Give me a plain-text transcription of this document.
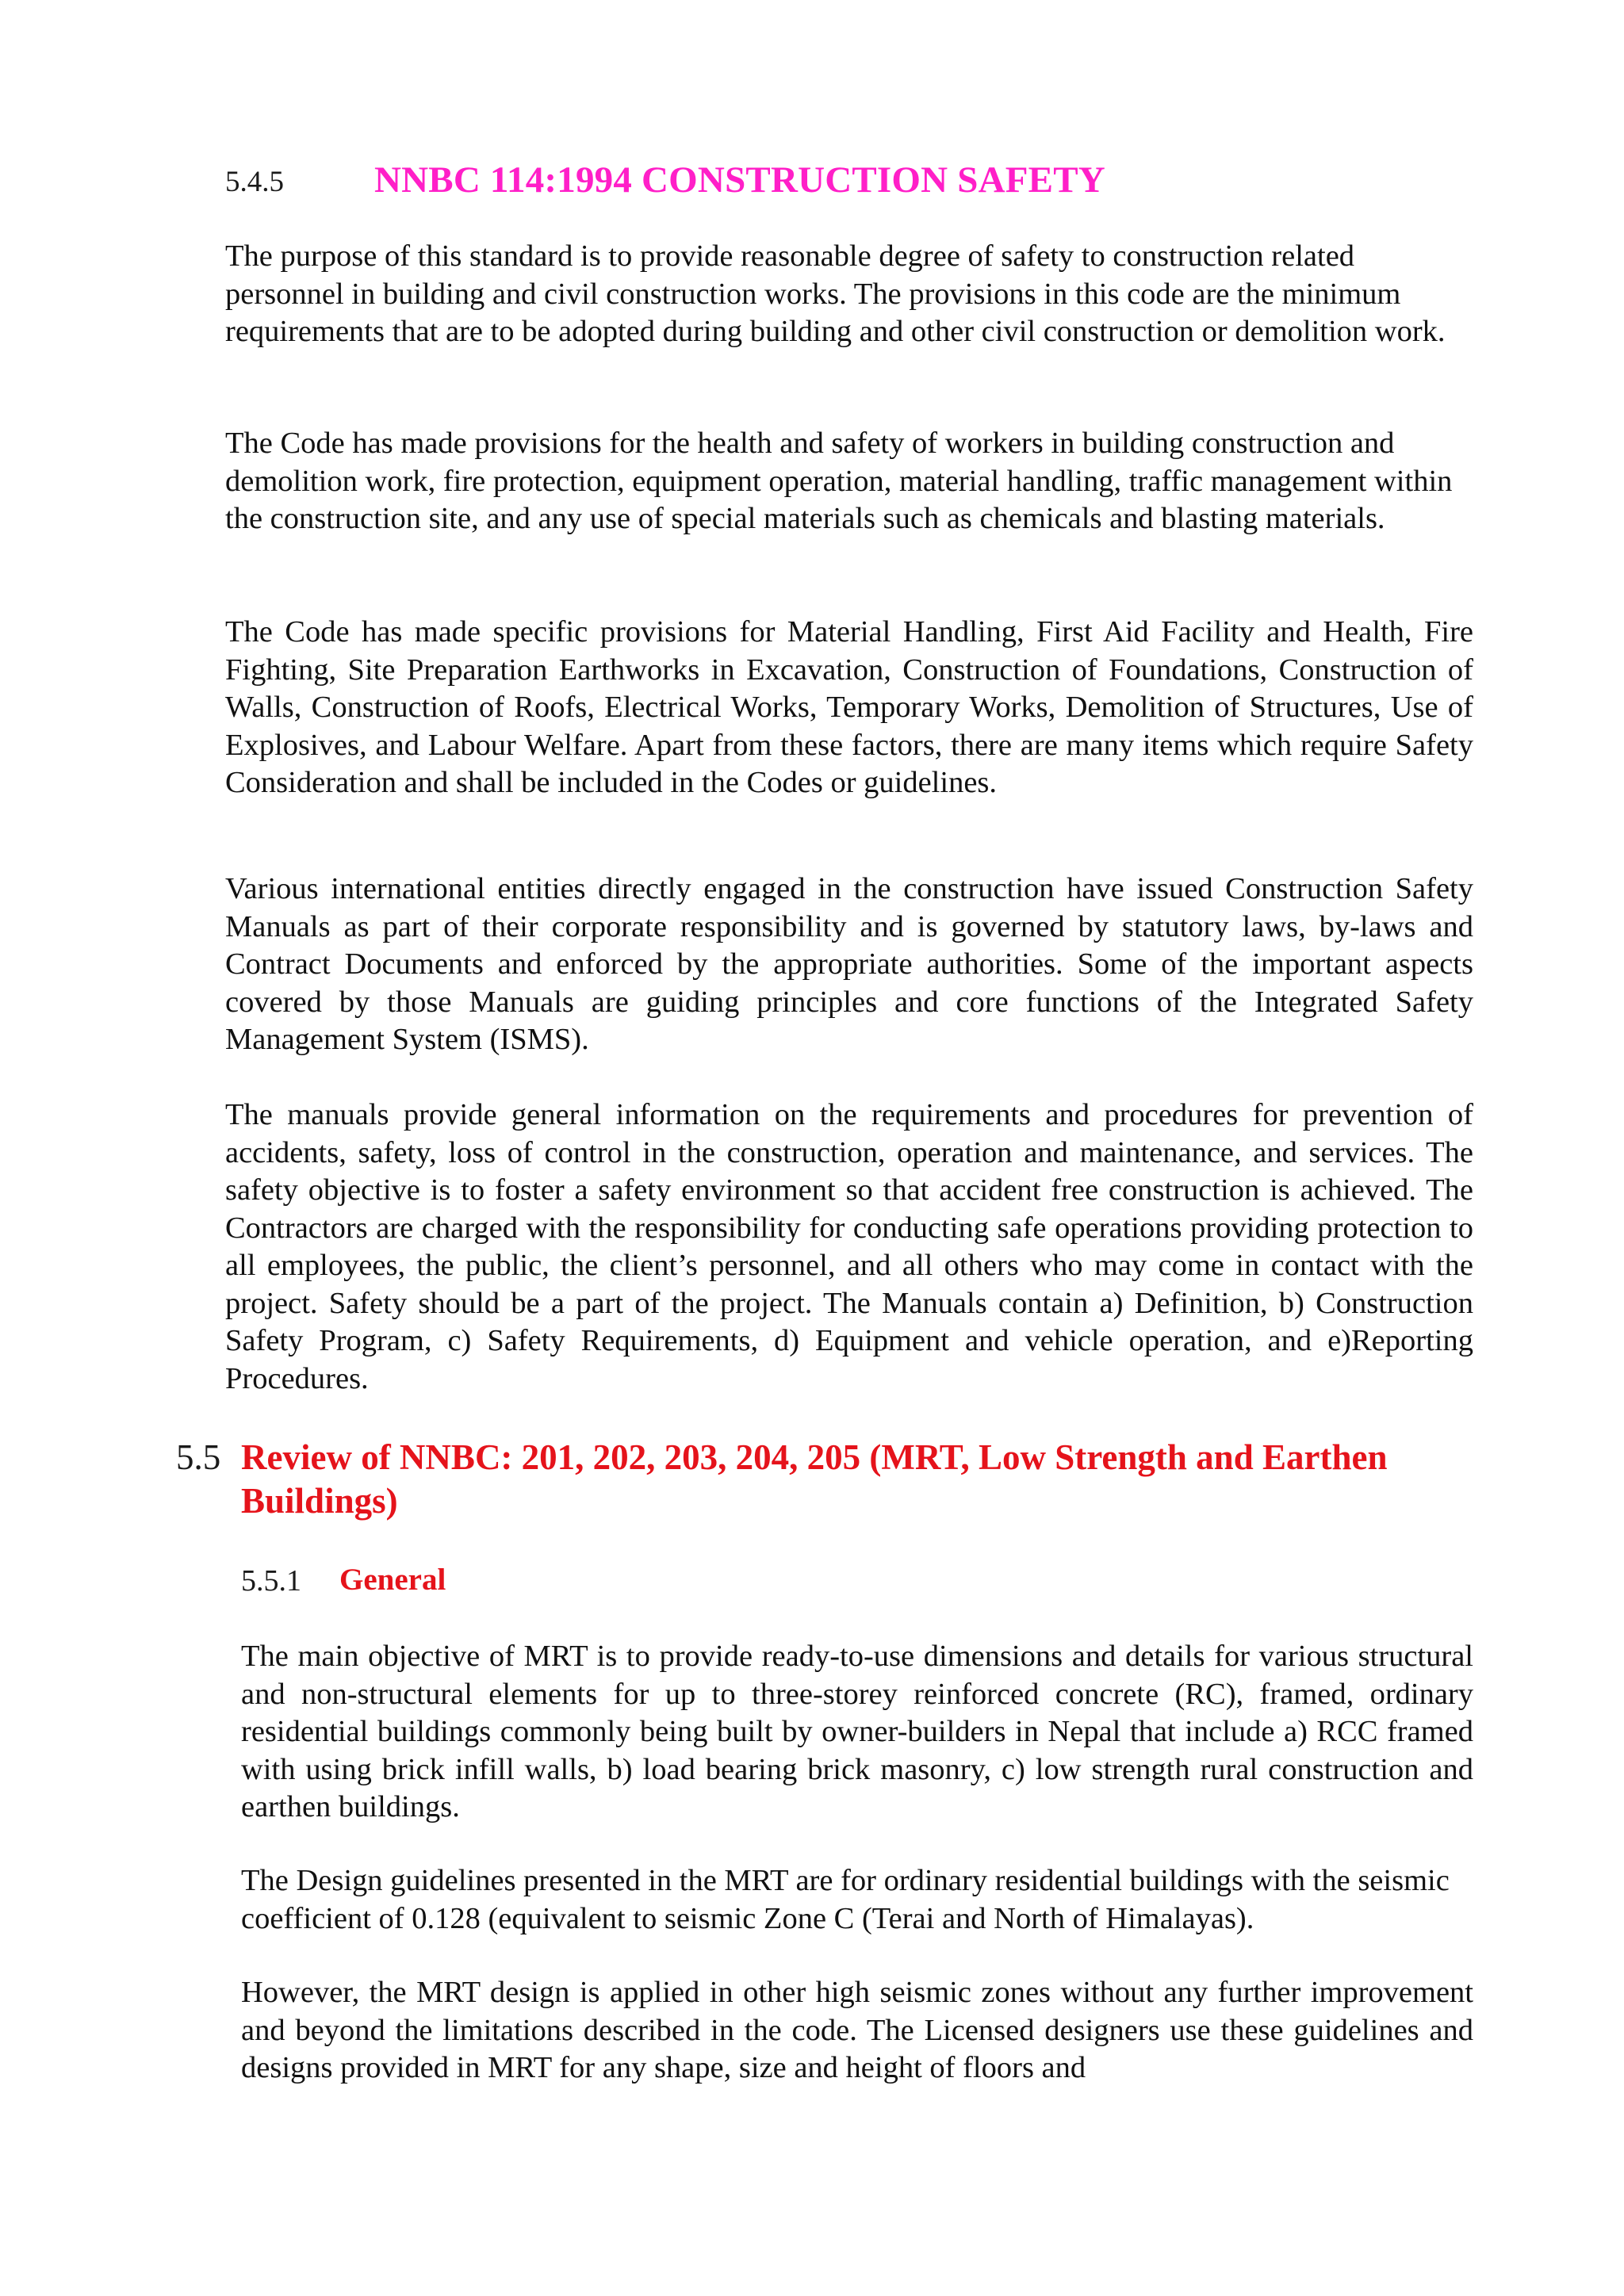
5.4.5 NNBC 114:1994 CONSTRUCTION SAFETY

The purpose of this standard is to provide reasonable degree of safety to construction related personnel in building and civil construction works. The provisions in this code are the minimum requirements that are to be adopted during building and other civil construction or demolition work.

The Code has made provisions for the health and safety of workers in building construction and demolition work, fire protection, equipment operation, material handling, traffic management within the construction site, and any use of special materials such as chemicals and blasting materials.

The Code has made specific provisions for Material Handling, First Aid Facility and Health, Fire Fighting, Site Preparation Earthworks in Excavation, Construction of Foundations, Construction of Walls, Construction of Roofs, Electrical Works, Temporary Works, Demolition of Structures, Use of Explosives, and Labour Welfare. Apart from these factors, there are many items which require Safety Consideration and shall be included in the Codes or guidelines.

Various international entities directly engaged in the construction have issued Construction Safety Manuals as part of their corporate responsibility and is governed by statutory laws, by-laws and Contract Documents and enforced by the appropriate authorities. Some of the important aspects covered by those Manuals are guiding principles and core functions of the Integrated Safety Management System (ISMS).

The manuals provide general information on the requirements and procedures for prevention of accidents, safety, loss of control in the construction, operation and maintenance, and services. The safety objective is to foster a safety environment so that accident free construction is achieved. The Contractors are charged with the responsibility for conducting safe operations providing protection to all employees, the public, the client’s personnel, and all others who may come in contact with the project. Safety should be a part of the project. The Manuals contain a) Definition, b) Construction Safety Program, c) Safety Requirements, d) Equipment and vehicle operation, and e)Reporting Procedures.

5.5 Review of NNBC: 201, 202, 203, 204, 205 (MRT, Low Strength and Earthen Buildings)
5.5.1 General

The main objective of MRT is to provide ready-to-use dimensions and details for various structural and non-structural elements for up to three-storey reinforced concrete (RC), framed, ordinary residential buildings commonly being built by owner-builders in Nepal that include a) RCC framed with using brick infill walls, b) load bearing brick masonry, c) low strength rural construction and earthen buildings.

The Design guidelines presented in the MRT are for ordinary residential buildings with the seismic coefficient of 0.128 (equivalent to seismic Zone C (Terai and North of Himalayas).

However, the MRT design is applied in other high seismic zones without any further improvement and beyond the limitations described in the code. The Licensed designers use these guidelines and designs provided in MRT for any shape, size and height of floors and
